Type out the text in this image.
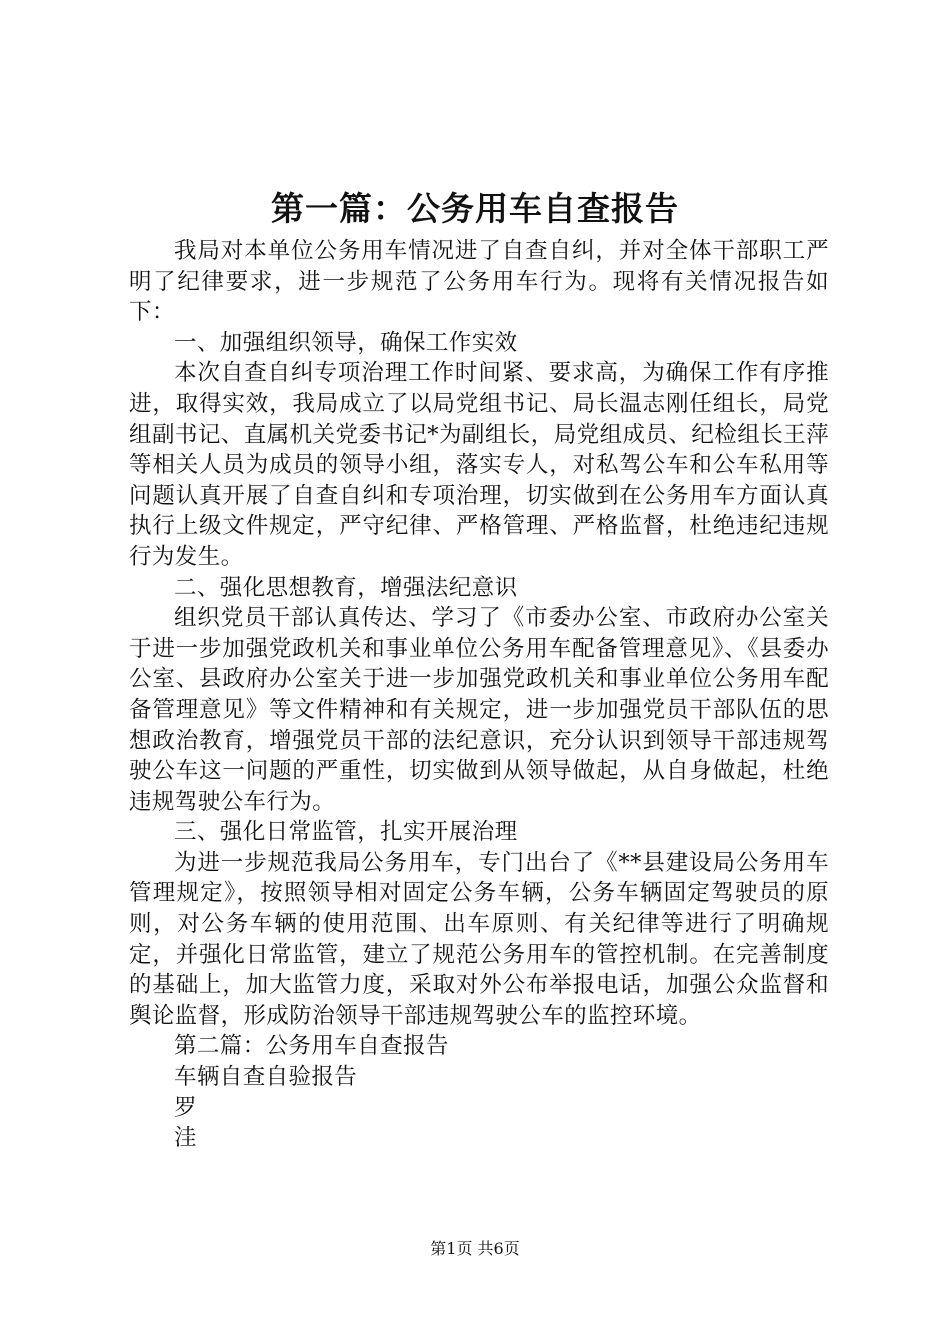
第一篇：公务用车自查报告

我局对本单位公务用车情况进了自查自纠，并对全体干部职工严明了纪律要求，进一步规范了公务用车行为。现将有关情况报告如下：

一、加强组织领导，确保工作实效

本次自查自纠专项治理工作时间紧、要求高，为确保工作有序推进，取得实效，我局成立了以局党组书记、局长温志刚任组长，局党组副书记、直属机关党委书记*为副组长，局党组成员、纪检组长王萍等相关人员为成员的领导小组，落实专人，对私驾公车和公车私用等问题认真开展了自查自纠和专项治理，切实做到在公务用车方面认真执行上级文件规定，严守纪律、严格管理、严格监督，杜绝违纪违规行为发生。

二、强化思想教育，增强法纪意识

组织党员干部认真传达、学习了《市委办公室、市政府办公室关于进一步加强党政机关和事业单位公务用车配备管理意见》、《县委办公室、县政府办公室关于进一步加强党政机关和事业单位公务用车配备管理意见》等文件精神和有关规定，进一步加强党员干部队伍的思想政治教育，增强党员干部的法纪意识，充分认识到领导干部违规驾驶公车这一问题的严重性，切实做到从领导做起，从自身做起，杜绝违规驾驶公车行为。

三、强化日常监管，扎实开展治理

为进一步规范我局公务用车，专门出台了《**县建设局公务用车管理规定》，按照领导相对固定公务车辆，公务车辆固定驾驶员的原则，对公务车辆的使用范围、出车原则、有关纪律等进行了明确规定，并强化日常监管，建立了规范公务用车的管控机制。在完善制度的基础上，加大监管力度，采取对外公布举报电话，加强公众监督和舆论监督，形成防治领导干部违规驾驶公车的监控环境。

第二篇：公务用车自查报告

车辆自查自验报告

罗

洼

第1页 共6页
